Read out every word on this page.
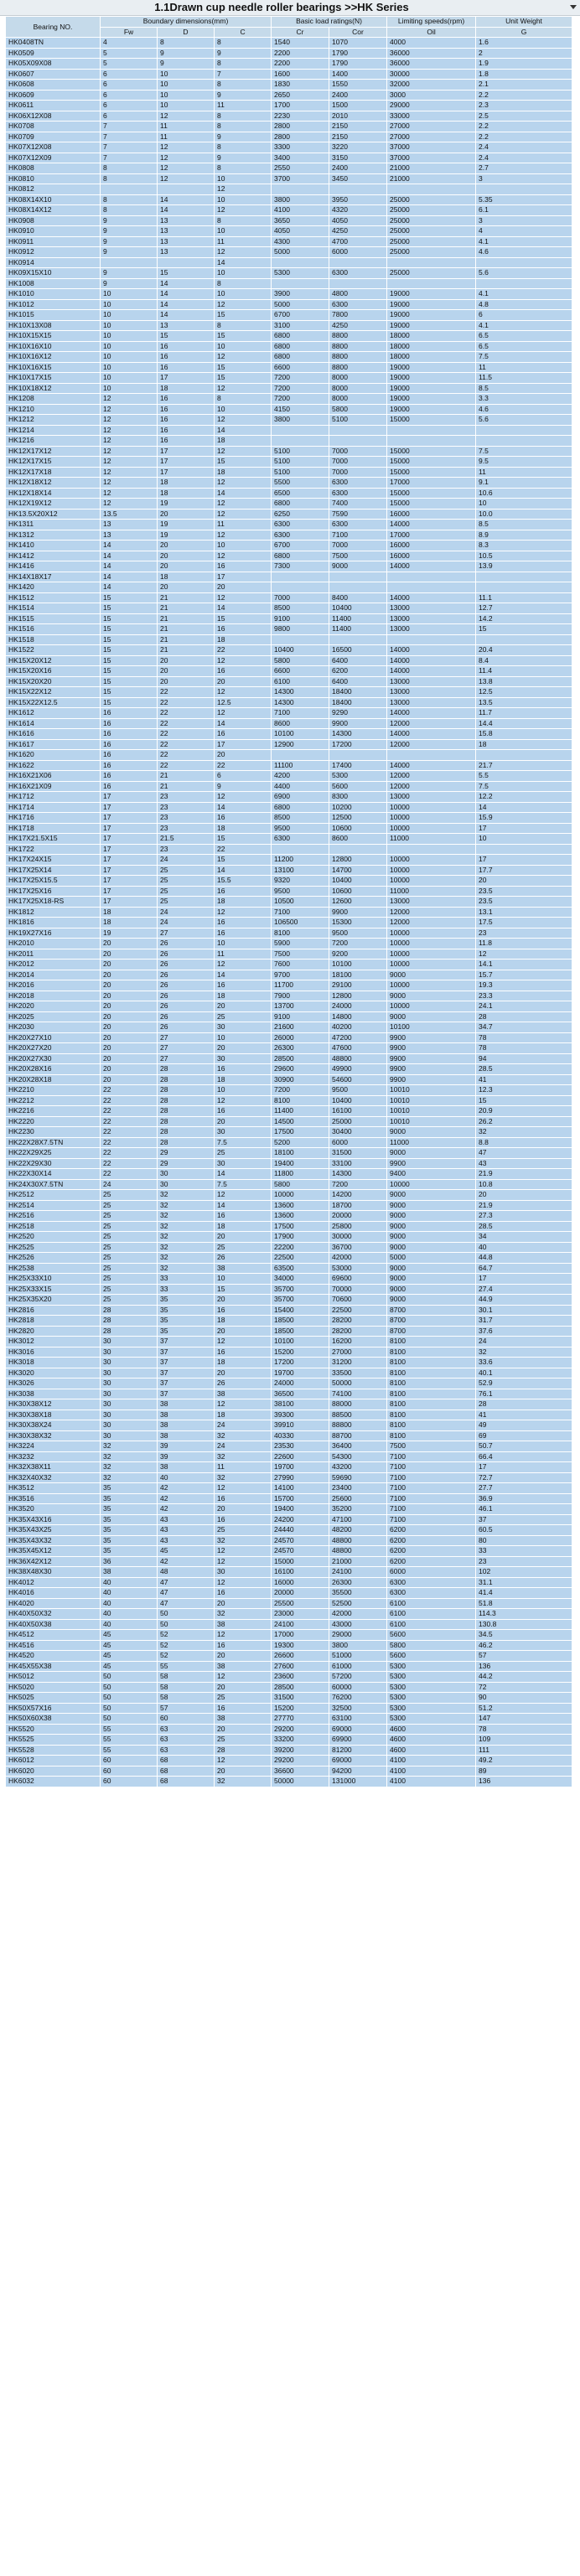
1.1Drawn cup needle roller bearings >>HK Series
Bearing NO.	Boundary dimensions(mm)			Basic load ratings(N)		Limiting speeds(rpm)	Unit Weight
	Fw	D	C	Cr	Cor	Oil	G
HK0408TN	4	8	8	1540	1070	4000	1.6
HK0509	5	9	9	2200	1790	36000	2
HK05X09X08	5	9	8	2200	1790	36000	1.9
HK0607	6	10	7	1600	1400	30000	1.8
HK0608	6	10	8	1830	1550	32000	2.1
HK0609	6	10	9	2650	2400	3000	2.2
HK0611	6	10	11	1700	1500	29000	2.3
HK06X12X08	6	12	8	2230	2010	33000	2.5
HK0708	7	11	8	2800	2150	27000	2.2
HK0709	7	11	9	2800	2150	27000	2.2
HK07X12X08	7	12	8	3300	3220	37000	2.4
HK07X12X09	7	12	9	3400	3150	37000	2.4
HK0808	8	12	8	2550	2400	21000	2.7
HK0810	8	12	10	3700	3450	21000	3
HK0812			12				
HK08X14X10	8	14	10	3800	3950	25000	5.35
HK08X14X12	8	14	12	4100	4320	25000	6.1
HK0908	9	13	8	3650	4050	25000	3
HK0910	9	13	10	4050	4250	25000	4
HK0911	9	13	11	4300	4700	25000	4.1
HK0912	9	13	12	5000	6000	25000	4.6
HK0914			14				
HK09X15X10	9	15	10	5300	6300	25000	5.6
HK1008	9	14	8				
HK1010	10	14	10	3900	4800	19000	4.1
HK1012	10	14	12	5000	6300	19000	4.8
HK1015	10	14	15	6700	7800	19000	6
HK10X13X08	10	13	8	3100	4250	19000	4.1
HK10X15X15	10	15	15	6800	8800	18000	6.5
HK10X16X10	10	16	10	6800	8800	18000	6.5
HK10X16X12	10	16	12	6800	8800	18000	7.5
HK10X16X15	10	16	15	6600	8800	19000	11
HK10X17X15	10	17	15	7200	8000	19000	11.5
HK10X18X12	10	18	12	7200	8000	19000	8.5
HK1208	12	16	8	7200	8000	19000	3.3
HK1210	12	16	10	4150	5800	19000	4.6
HK1212	12	16	12	3800	5100	15000	5.6
HK1214	12	16	14				
HK1216	12	16	18				
HK12X17X12	12	17	12	5100	7000	15000	7.5
HK12X17X15	12	17	15	5100	7000	15000	9.5
HK12X17X18	12	17	18	5100	7000	15000	11
HK12X18X12	12	18	12	5500	6300	17000	9.1
HK12X18X14	12	18	14	6500	6300	15000	10.6
HK12X19X12	12	19	12	6800	7400	15000	10
HK13.5X20X12	13.5	20	12	6250	7590	16000	10.0
HK1311	13	19	11	6300	6300	14000	8.5
HK1312	13	19	12	6300	7100	17000	8.9
HK1410	14	20	10	6700	7000	16000	8.3
HK1412	14	20	12	6800	7500	16000	10.5
HK1416	14	20	16	7300	9000	14000	13.9
HK14X18X17	14	18	17				
HK1420	14	20	20				
HK1512	15	21	12	7000	8400	14000	11.1
HK1514	15	21	14	8500	10400	13000	12.7
HK1515	15	21	15	9100	11400	13000	14.2
HK1516	15	21	16	9800	11400	13000	15
HK1518	15	21	18				
HK1522	15	21	22	10400	16500	14000	20.4
HK15X20X12	15	20	12	5800	6400	14000	8.4
HK15X20X16	15	20	16	6600	6200	14000	11.4
HK15X20X20	15	20	20	6100	6400	13000	13.8
HK15X22X12	15	22	12	14300	18400	13000	12.5
HK15X22X12.5	15	22	12.5	14300	18400	13000	13.5
HK1612	16	22	12	7100	9290	14000	11.7
HK1614	16	22	14	8600	9900	12000	14.4
HK1616	16	22	16	10100	14300	14000	15.8
HK1617	16	22	17	12900	17200	12000	18
HK1620	16	22	20				
HK1622	16	22	22	11100	17400	14000	21.7
HK16X21X06	16	21	6	4200	5300	12000	5.5
HK16X21X09	16	21	9	4400	5600	12000	7.5
HK1712	17	23	12	6900	8300	13000	12.2
HK1714	17	23	14	6800	10200	10000	14
HK1716	17	23	16	8500	12500	10000	15.9
HK1718	17	23	18	9500	10600	10000	17
HK17X21.5X15	17	21.5	15	6300	8600	11000	10
HK1722	17	23	22				
HK17X24X15	17	24	15	11200	12800	10000	17
HK17X25X14	17	25	14	13100	14700	10000	17.7
HK17X25X15.5	17	25	15.5	9320	10400	10000	20
HK17X25X16	17	25	16	9500	10600	11000	23.5
HK17X25X18-RS	17	25	18	10500	12600	13000	23.5
HK1812	18	24	12	7100	9900	12000	13.1
HK1816	18	24	16	106500	15300	12000	17.5
HK19X27X16	19	27	16	8100	9500	10000	23
HK2010	20	26	10	5900	7200	10000	11.8
HK2011	20	26	11	7500	9200	10000	12
HK2012	20	26	12	7600	10100	10000	14.1
HK2014	20	26	14	9700	18100	9000	15.7
HK2016	20	26	16	11700	29100	10000	19.3
HK2018	20	26	18	7900	12800	9000	23.3
HK2020	20	26	20	13700	24000	10000	24.1
HK2025	20	26	25	9100	14800	9000	28
HK2030	20	26	30	21600	40200	10100	34.7
HK20X27X10	20	27	10	26000	47200	9900	78
HK20X27X20	20	27	20	26300	47600	9900	78
HK20X27X30	20	27	30	28500	48800	9900	94
HK20X28X16	20	28	16	29600	49900	9900	28.5
HK20X28X18	20	28	18	30900	54600	9900	41
HK2210	22	28	10	7200	9500	10010	12.3
HK2212	22	28	12	8100	10400	10010	15
HK2216	22	28	16	11400	16100	10010	20.9
HK2220	22	28	20	14500	25000	10010	26.2
HK2230	22	28	30	17500	30400	9000	32
HK22X28X7.5TN	22	28	7.5	5200	6000	11000	8.8
HK22X29X25	22	29	25	18100	31500	9000	47
HK22X29X30	22	29	30	19400	33100	9900	43
HK22X30X14	22	30	14	11800	14300	9400	21.9
HK24X30X7.5TN	24	30	7.5	5800	7200	10000	10.8
HK2512	25	32	12	10000	14200	9000	20
HK2514	25	32	14	13600	18700	9000	21.9
HK2516	25	32	16	13600	20000	9000	27.3
HK2518	25	32	18	17500	25800	9000	28.5
HK2520	25	32	20	17900	30000	9000	34
HK2525	25	32	25	22200	36700	9000	40
HK2526	25	32	26	22500	42000	5000	44.8
HK2538	25	32	38	63500	53000	9000	64.7
HK25X33X10	25	33	10	34000	69600	9000	17
HK25X33X15	25	33	15	35700	70000	9000	27.4
HK25X35X20	25	35	20	35700	70600	9000	44.9
HK2816	28	35	16	15400	22500	8700	30.1
HK2818	28	35	18	18500	28200	8700	31.7
HK2820	28	35	20	18500	28200	8700	37.6
HK3012	30	37	12	10100	16200	8100	24
HK3016	30	37	16	15200	27000	8100	32
HK3018	30	37	18	17200	31200	8100	33.6
HK3020	30	37	20	19700	33500	8100	40.1
HK3026	30	37	26	24000	50000	8100	52.9
HK3038	30	37	38	36500	74100	8100	76.1
HK30X38X12	30	38	12	38100	88000	8100	28
HK30X38X18	30	38	18	39300	88500	8100	41
HK30X38X24	30	38	24	39910	88800	8100	49
HK30X38X32	30	38	32	40330	88700	8100	69
HK3224	32	39	24	23530	36400	7500	50.7
HK3232	32	39	32	22600	54300	7100	66.4
HK32X38X11	32	38	11	19700	43200	7100	17
HK32X40X32	32	40	32	27990	59690	7100	72.7
HK3512	35	42	12	14100	23400	7100	27.7
HK3516	35	42	16	15700	25600	7100	36.9
HK3520	35	42	20	19400	35200	7100	46.1
HK35X43X16	35	43	16	24200	47100	7100	37
HK35X43X25	35	43	25	24440	48200	6200	60.5
HK35X43X32	35	43	32	24570	48800	6200	80
HK35X45X12	35	45	12	24570	48800	6200	33
HK36X42X12	36	42	12	15000	21000	6200	23
HK38X48X30	38	48	30	16100	24100	6000	102
HK4012	40	47	12	16000	26300	6300	31.1
HK4016	40	47	16	20000	35500	6300	41.4
HK4020	40	47	20	25500	52500	6100	51.8
HK40X50X32	40	50	32	23000	42000	6100	114.3
HK40X50X38	40	50	38	24100	43000	6100	130.8
HK4512	45	52	12	17000	29000	5600	34.5
HK4516	45	52	16	19300	3800	5800	46.2
HK4520	45	52	20	26600	51000	5600	57
HK45X55X38	45	55	38	27600	61000	5300	136
HK5012	50	58	12	23600	57200	5300	44.2
HK5020	50	58	20	28500	60000	5300	72
HK5025	50	58	25	31500	76200	5300	90
HK50X57X16	50	57	16	15200	32500	5300	51.2
HK50X60X38	50	60	38	27770	63100	5300	147
HK5520	55	63	20	29200	69000	4600	78
HK5525	55	63	25	33200	69900	4600	109
HK5528	55	63	28	39200	81200	4600	111
HK6012	60	68	12	29200	69000	4100	49.2
HK6020	60	68	20	36600	94200	4100	89
HK6032	60	68	32	50000	131000	4100	136
